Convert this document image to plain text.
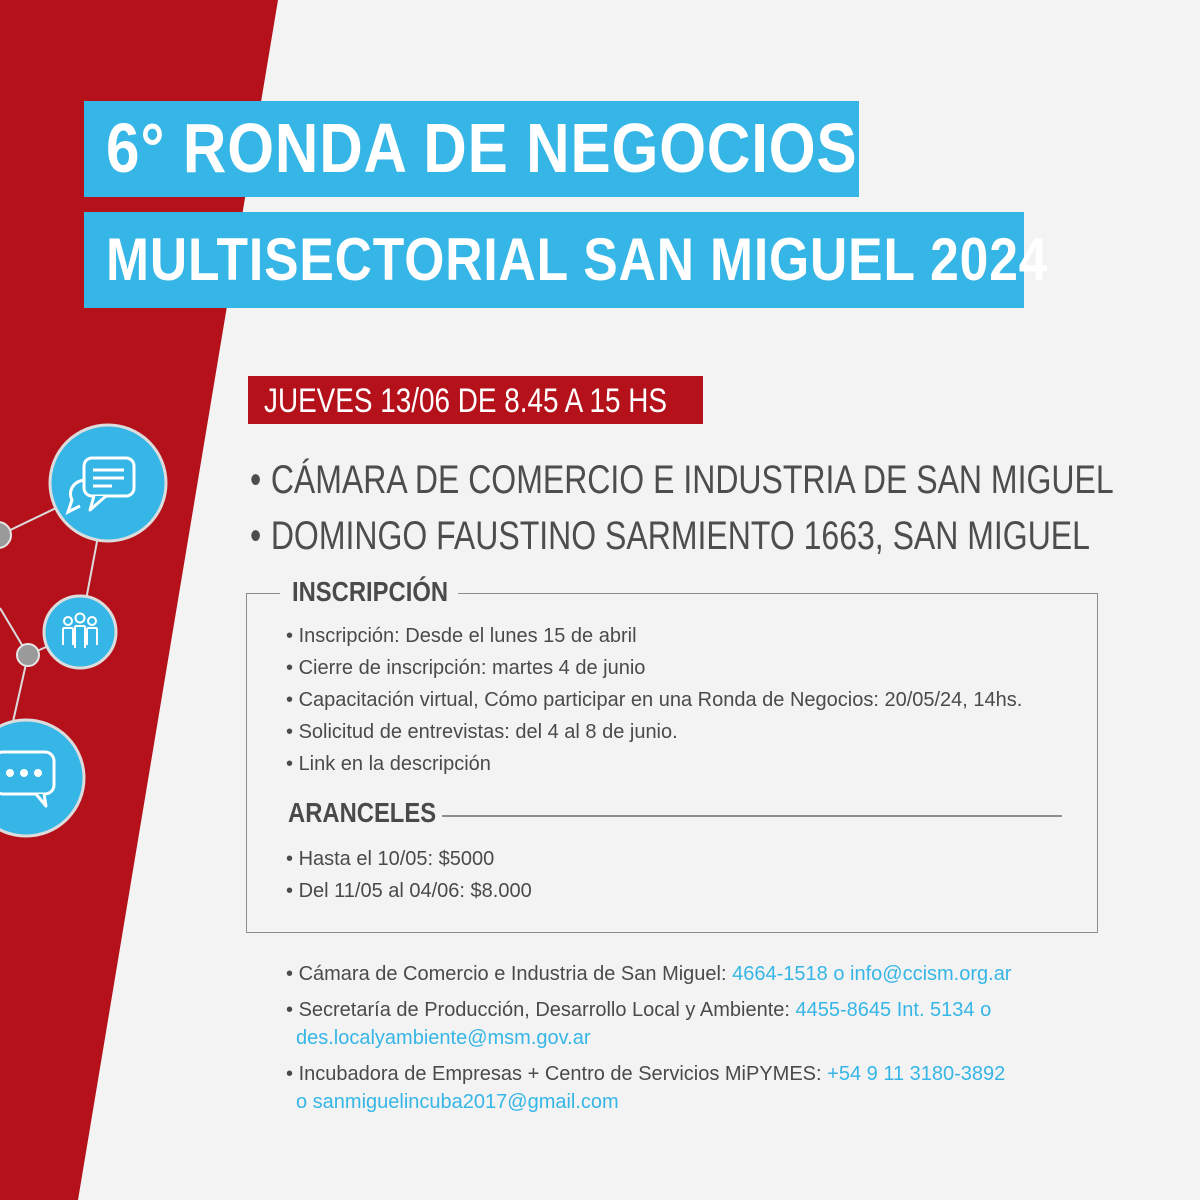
6° RONDA DE NEGOCIOS
MULTISECTORIAL SAN MIGUEL 2024
JUEVES 13/06 DE 8.45 A 15 HS
• CÁMARA DE COMERCIO E INDUSTRIA DE SAN MIGUEL
• DOMINGO FAUSTINO SARMIENTO 1663, SAN MIGUEL
INSCRIPCIÓN
• Inscripción: Desde el lunes 15 de abril
• Cierre de inscripción: martes 4 de junio
• Capacitación virtual, Cómo participar en una Ronda de Negocios: 20/05/24, 14hs.
• Solicitud de entrevistas: del 4 al 8 de junio.
• Link en la descripción
ARANCELES
• Hasta el 10/05: $5000
• Del 11/05 al 04/06: $8.000
• Cámara de Comercio e Industria de San Miguel: 4664-1518 o info@ccism.org.ar
• Secretaría de Producción, Desarrollo Local y Ambiente: 4455-8645 Int. 5134 o
des.localyambiente@msm.gov.ar
• Incubadora de Empresas + Centro de Servicios MiPYMES: +54 9 11 3180-3892
o sanmiguelincuba2017@gmail.com
